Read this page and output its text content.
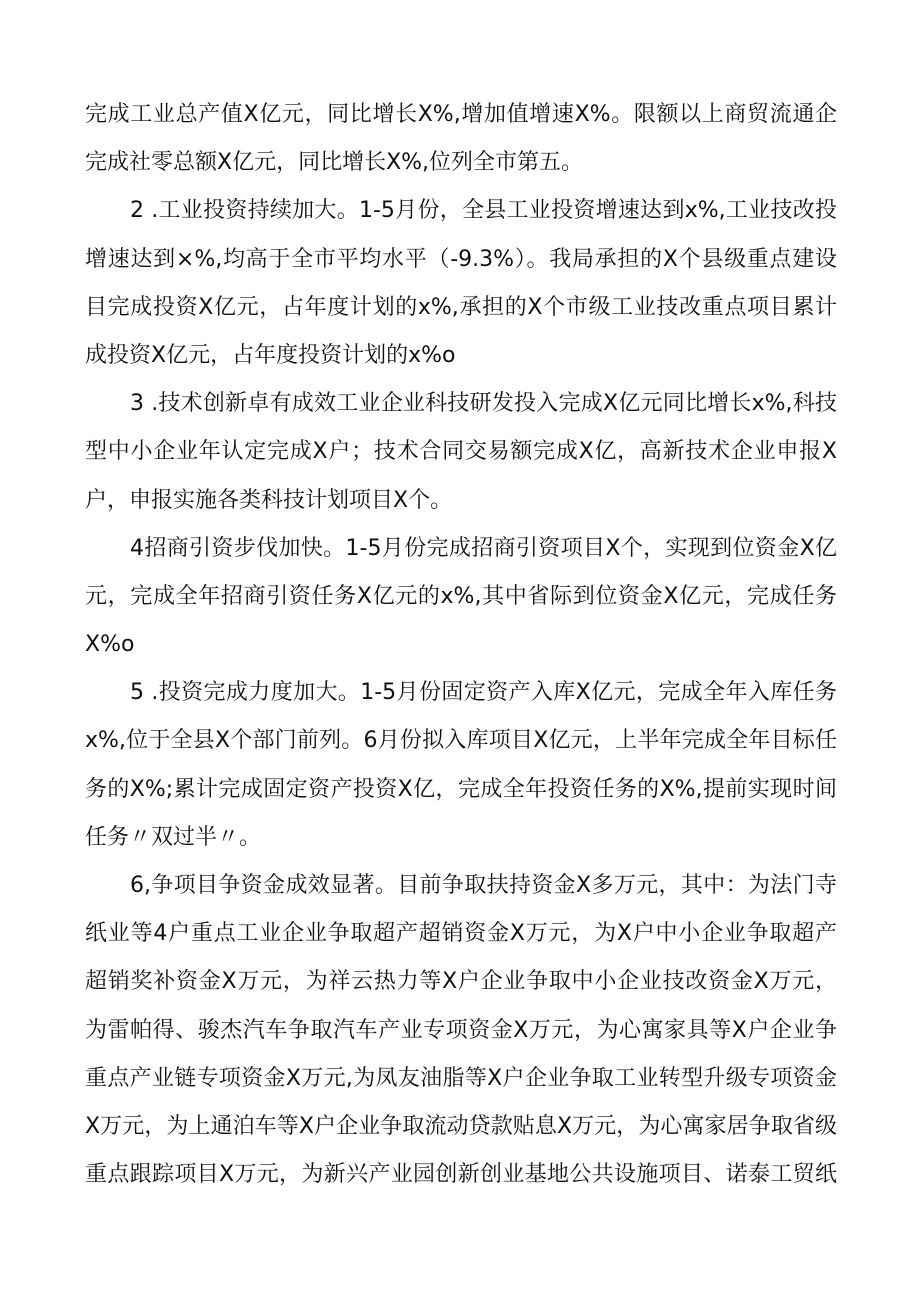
完成工业总产值X亿元，同比增长X%,增加值增速X%。限额以上商贸流通企
完成社零总额X亿元，同比增长X%,位列全市第五。
2 .工业投资持续加大。1-5月份，全县工业投资增速达到x%,工业技改投
增速达到×%,均高于全市平均水平（-9.3%）。我局承担的X个县级重点建设
目完成投资X亿元，占年度计划的x%,承担的X个市级工业技改重点项目累计
成投资X亿元，占年度投资计划的x%o
3 .技术创新卓有成效工业企业科技研发投入完成X亿元同比增长x%,科技
型中小企业年认定完成X户；技术合同交易额完成X亿，高新技术企业申报X
户，申报实施各类科技计划项目X个。
4招商引资步伐加快。1-5月份完成招商引资项目X个，实现到位资金X亿
元，完成全年招商引资任务X亿元的x%,其中省际到位资金X亿元，完成任务
X%o
5 .投资完成力度加大。1-5月份固定资产入库X亿元，完成全年入库任务
x%,位于全县X个部门前列。6月份拟入库项目X亿元，上半年完成全年目标任
务的X%;累计完成固定资产投资X亿，完成全年投资任务的X%,提前实现时间
任务〃双过半〃。
6,争项目争资金成效显著。目前争取扶持资金X多万元，其中：为法门寺
纸业等4户重点工业企业争取超产超销资金X万元，为X户中小企业争取超产
超销奖补资金X万元，为祥云热力等X户企业争取中小企业技改资金X万元，
为雷帕得、骏杰汽车争取汽车产业专项资金X万元，为心寓家具等X户企业争
重点产业链专项资金X万元,为凤友油脂等X户企业争取工业转型升级专项资金
X万元，为上通泊车等X户企业争取流动贷款贴息X万元，为心寓家居争取省级
重点跟踪项目X万元，为新兴产业园创新创业基地公共设施项目、诺泰工贸纸
